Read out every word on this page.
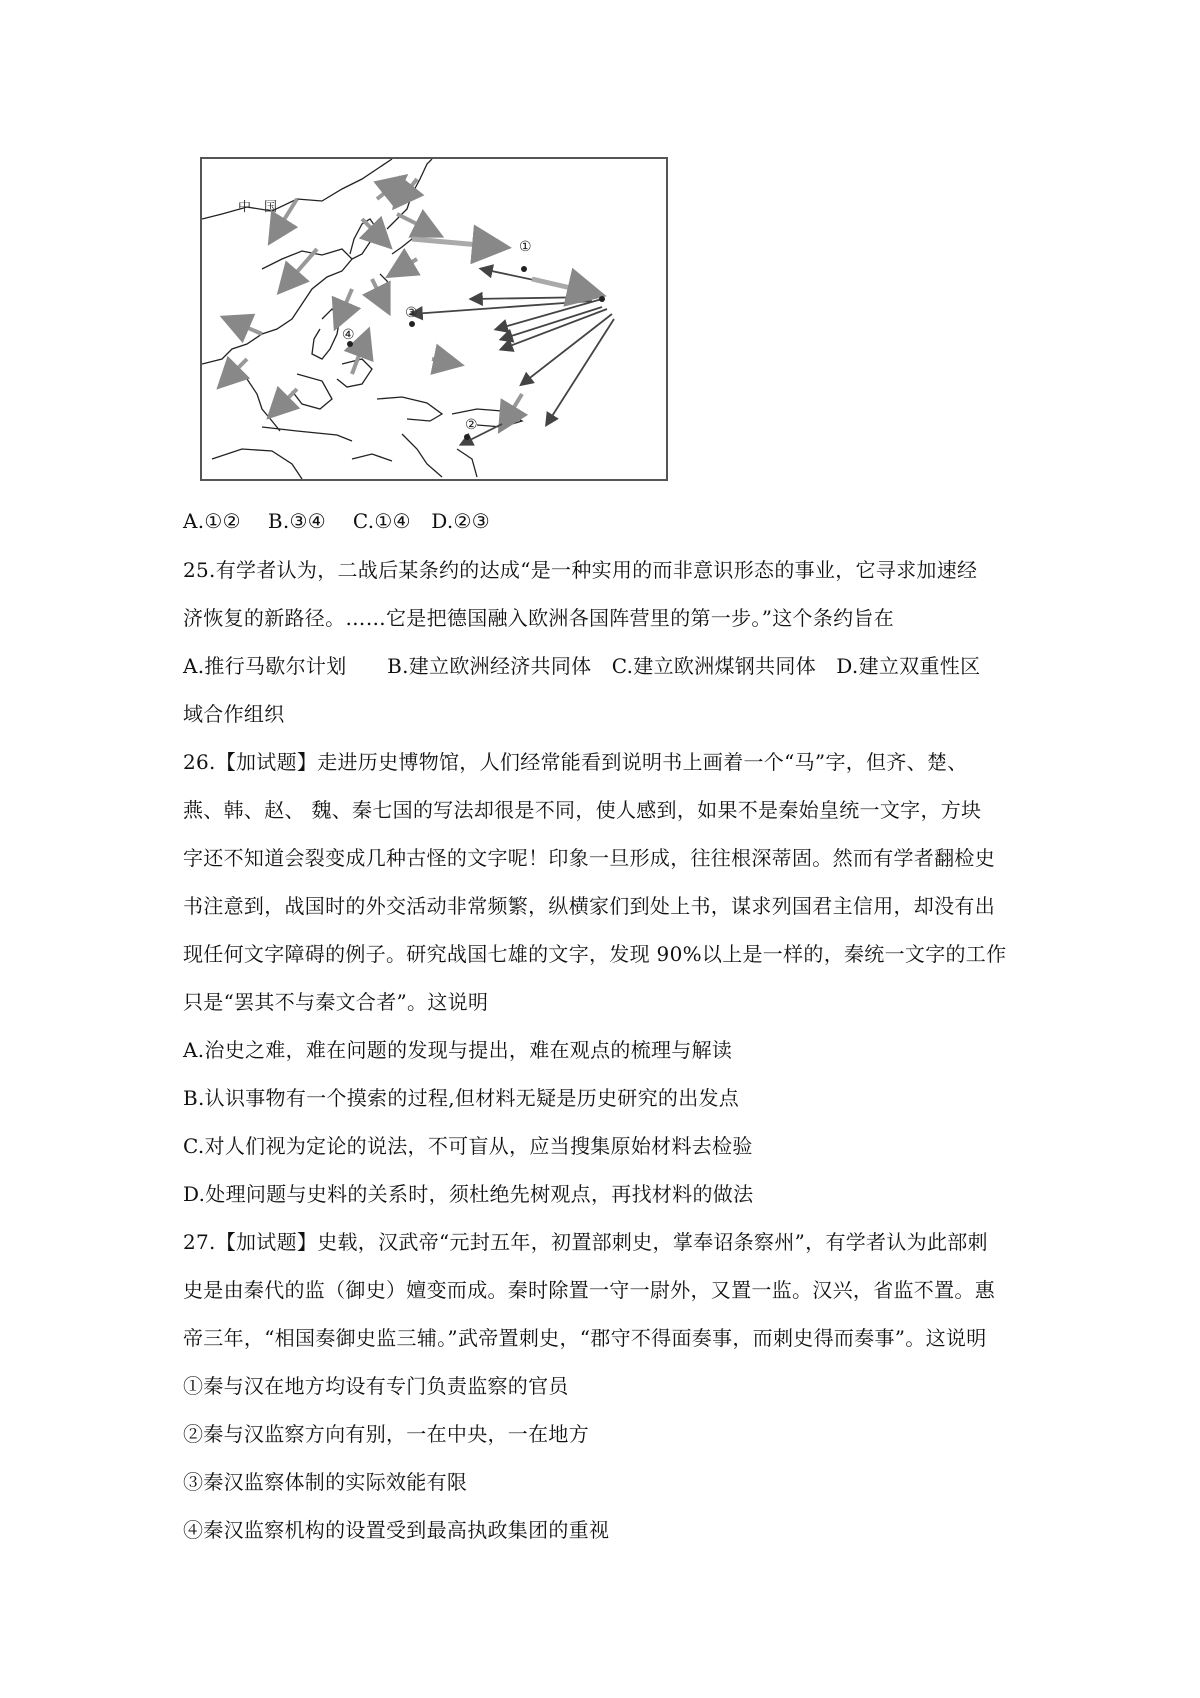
中　国
①
②
③
④
A.①②　 B.③④　 C.①④　D.②③
25.有学者认为，二战后某条约的达成“是一种实用的而非意识形态的事业，它寻求加速经
济恢复的新路径。……它是把德国融入欧洲各国阵营里的第一步。”这个条约旨在
A.推行马歇尔计划　　B.建立欧洲经济共同体　C.建立欧洲煤钢共同体　D.建立双重性区
域合作组织
26.【加试题】走进历史博物馆，人们经常能看到说明书上画着一个“马”字，但齐、楚、
燕、韩、赵、 魏、秦七国的写法却很是不同，使人感到，如果不是秦始皇统一文字，方块
字还不知道会裂变成几种古怪的文字呢！印象一旦形成，往往根深蒂固。然而有学者翻检史
书注意到，战国时的外交活动非常频繁，纵横家们到处上书，谋求列国君主信用，却没有出
现任何文字障碍的例子。研究战国七雄的文字，发现 90%以上是一样的，秦统一文字的工作
只是“罢其不与秦文合者”。这说明
A.治史之难，难在问题的发现与提出，难在观点的梳理与解读
B.认识事物有一个摸索的过程,但材料无疑是历史研究的出发点
C.对人们视为定论的说法，不可盲从，应当搜集原始材料去检验
D.处理问题与史料的关系时，须杜绝先树观点，再找材料的做法
27.【加试题】史载，汉武帝“元封五年，初置部刺史，掌奉诏条察州”，有学者认为此部刺
史是由秦代的监（御史）嬗变而成。秦时除置一守一尉外，又置一监。汉兴，省监不置。惠
帝三年，“相国奏御史监三辅。”武帝置刺史，“郡守不得面奏事，而刺史得而奏事”。这说明
①秦与汉在地方均设有专门负责监察的官员
②秦与汉监察方向有别，一在中央，一在地方
③秦汉监察体制的实际效能有限
④秦汉监察机构的设置受到最高执政集团的重视
